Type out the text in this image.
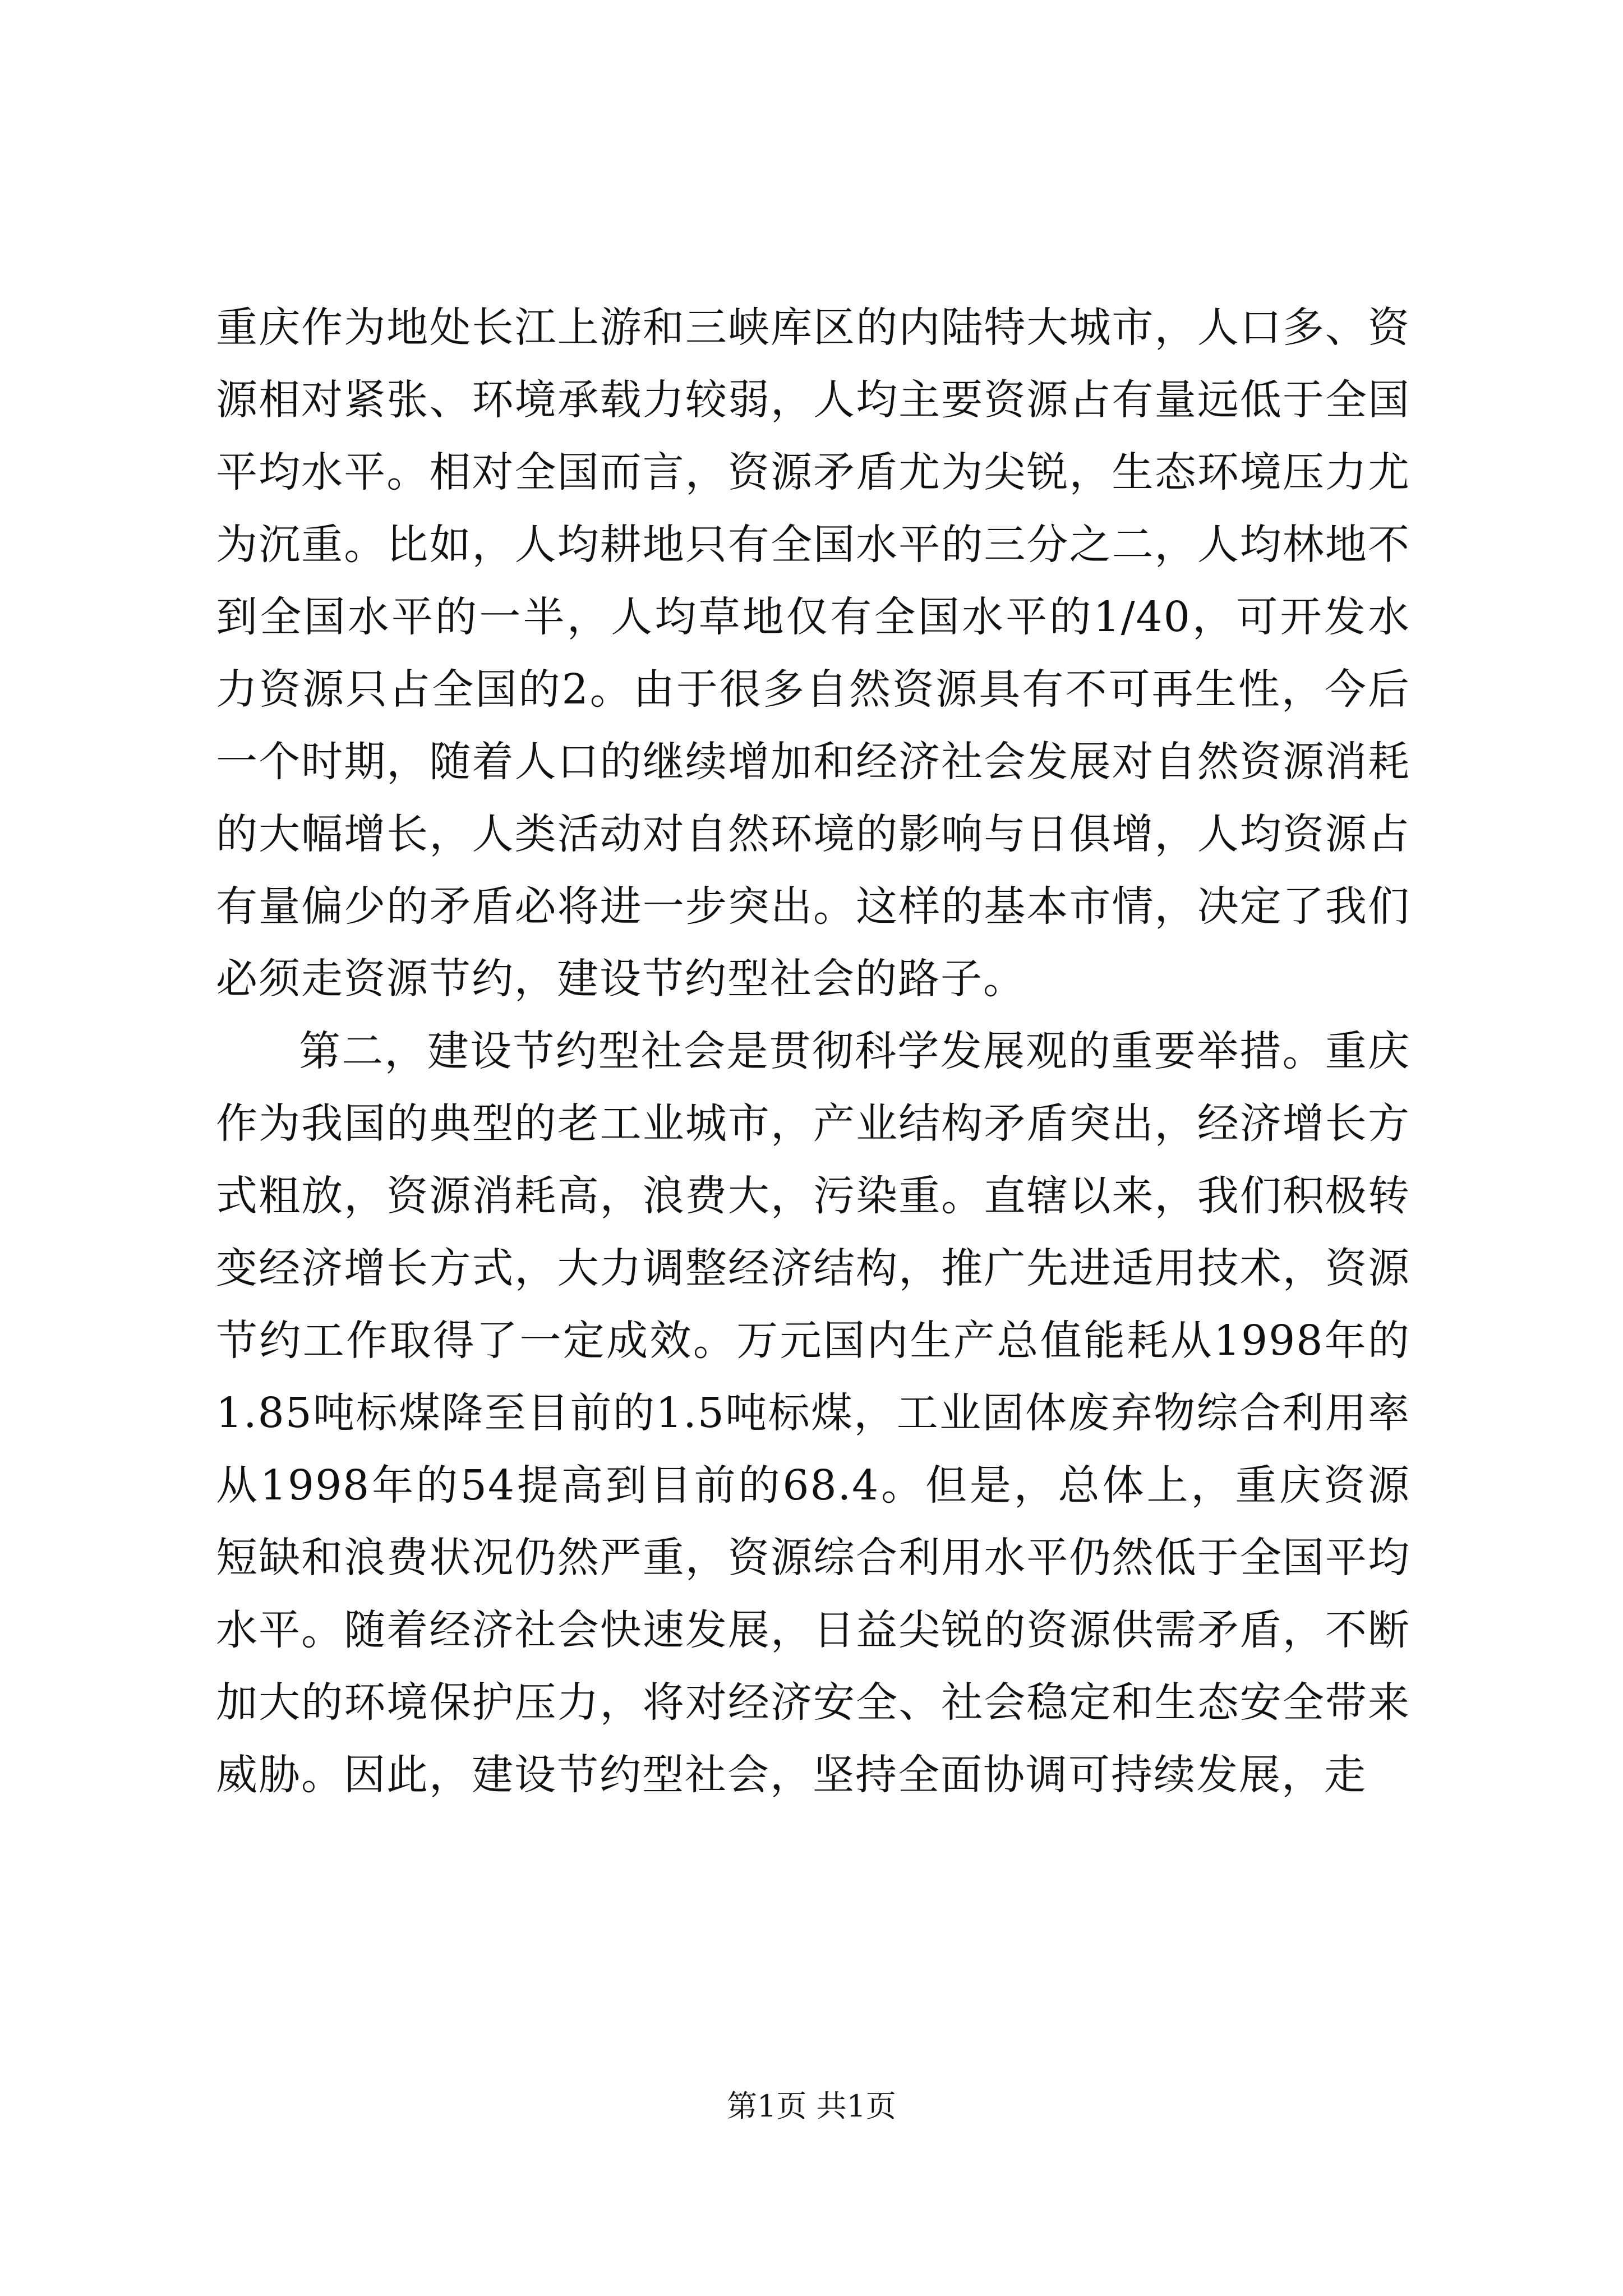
重庆作为地处长江上游和三峡库区的内陆特大城市，人口多、资源相对紧张、环境承载力较弱，人均主要资源占有量远低于全国平均水平。相对全国而言，资源矛盾尤为尖锐，生态环境压力尤为沉重。比如，人均耕地只有全国水平的三分之二，人均林地不到全国水平的一半，人均草地仅有全国水平的1/40，可开发水力资源只占全国的2。由于很多自然资源具有不可再生性，今后一个时期，随着人口的继续增加和经济社会发展对自然资源消耗的大幅增长，人类活动对自然环境的影响与日俱增，人均资源占有量偏少的矛盾必将进一步突出。这样的基本市情，决定了我们必须走资源节约，建设节约型社会的路子。

第二，建设节约型社会是贯彻科学发展观的重要举措。重庆作为我国的典型的老工业城市，产业结构矛盾突出，经济增长方式粗放，资源消耗高，浪费大，污染重。直辖以来，我们积极转变经济增长方式，大力调整经济结构，推广先进适用技术，资源节约工作取得了一定成效。万元国内生产总值能耗从1998年的1.85吨标煤降至目前的1.5吨标煤，工业固体废弃物综合利用率从1998年的54提高到目前的68.4。但是，总体上，重庆资源短缺和浪费状况仍然严重，资源综合利用水平仍然低于全国平均水平。随着经济社会快速发展，日益尖锐的资源供需矛盾，不断加大的环境保护压力，将对经济安全、社会稳定和生态安全带来威胁。因此，建设节约型社会，坚持全面协调可持续发展，走

第1页 共1页
